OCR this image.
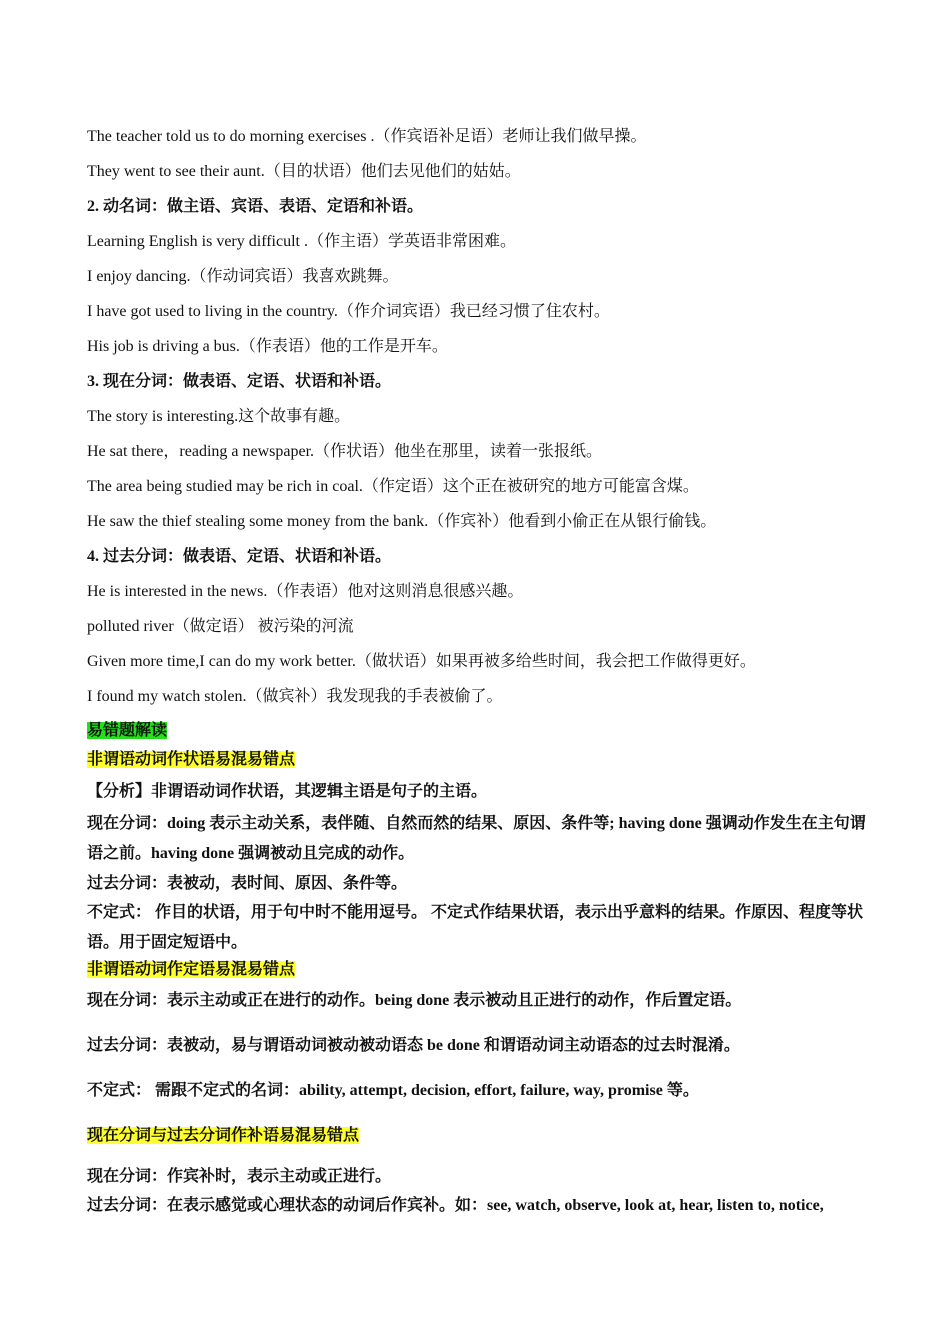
The teacher told us to do morning exercises .（作宾语补足语）老师让我们做早操。
They went to see their aunt.（目的状语）他们去见他们的姑姑。
2. 动名词：做主语、宾语、表语、定语和补语。
Learning English is very difficult .（作主语）学英语非常困难。
I enjoy dancing.（作动词宾语）我喜欢跳舞。
I have got used to living in the country.（作介词宾语）我已经习惯了住农村。
His job is driving a bus.（作表语）他的工作是开车。
3. 现在分词：做表语、定语、状语和补语。
The story is interesting.这个故事有趣。
He sat there，reading a newspaper.（作状语）他坐在那里，读着一张报纸。
The area being studied may be rich in coal.（作定语）这个正在被研究的地方可能富含煤。
He saw the thief stealing some money from the bank.（作宾补）他看到小偷正在从银行偷钱。
4. 过去分词：做表语、定语、状语和补语。
He is interested in the news.（作表语）他对这则消息很感兴趣。
polluted river（做定语） 被污染的河流
Given more time,I can do my work better.（做状语）如果再被多给些时间，我会把工作做得更好。
I found my watch stolen.（做宾补）我发现我的手表被偷了。
易错题解读
非谓语动词作状语易混易错点
【分析】非谓语动词作状语，其逻辑主语是句子的主语。
现在分词：doing 表示主动关系，表伴随、自然而然的结果、原因、条件等; having done 强调动作发生在主句谓语之前。having done 强调被动且完成的动作。
过去分词：表被动，表时间、原因、条件等。
不定式： 作目的状语，用于句中时不能用逗号。 不定式作结果状语，表示出乎意料的结果。作原因、程度等状语。用于固定短语中。
非谓语动词作定语易混易错点
现在分词：表示主动或正在进行的动作。being done 表示被动且正进行的动作，作后置定语。
过去分词：表被动，易与谓语动词被动被动语态 be done 和谓语动词主动语态的过去时混淆。
不定式： 需跟不定式的名词：ability, attempt, decision, effort, failure, way, promise 等。
现在分词与过去分词作补语易混易错点
现在分词：作宾补时，表示主动或正进行。
过去分词：在表示感觉或心理状态的动词后作宾补。如：see, watch, observe, look at, hear, listen to, notice,
